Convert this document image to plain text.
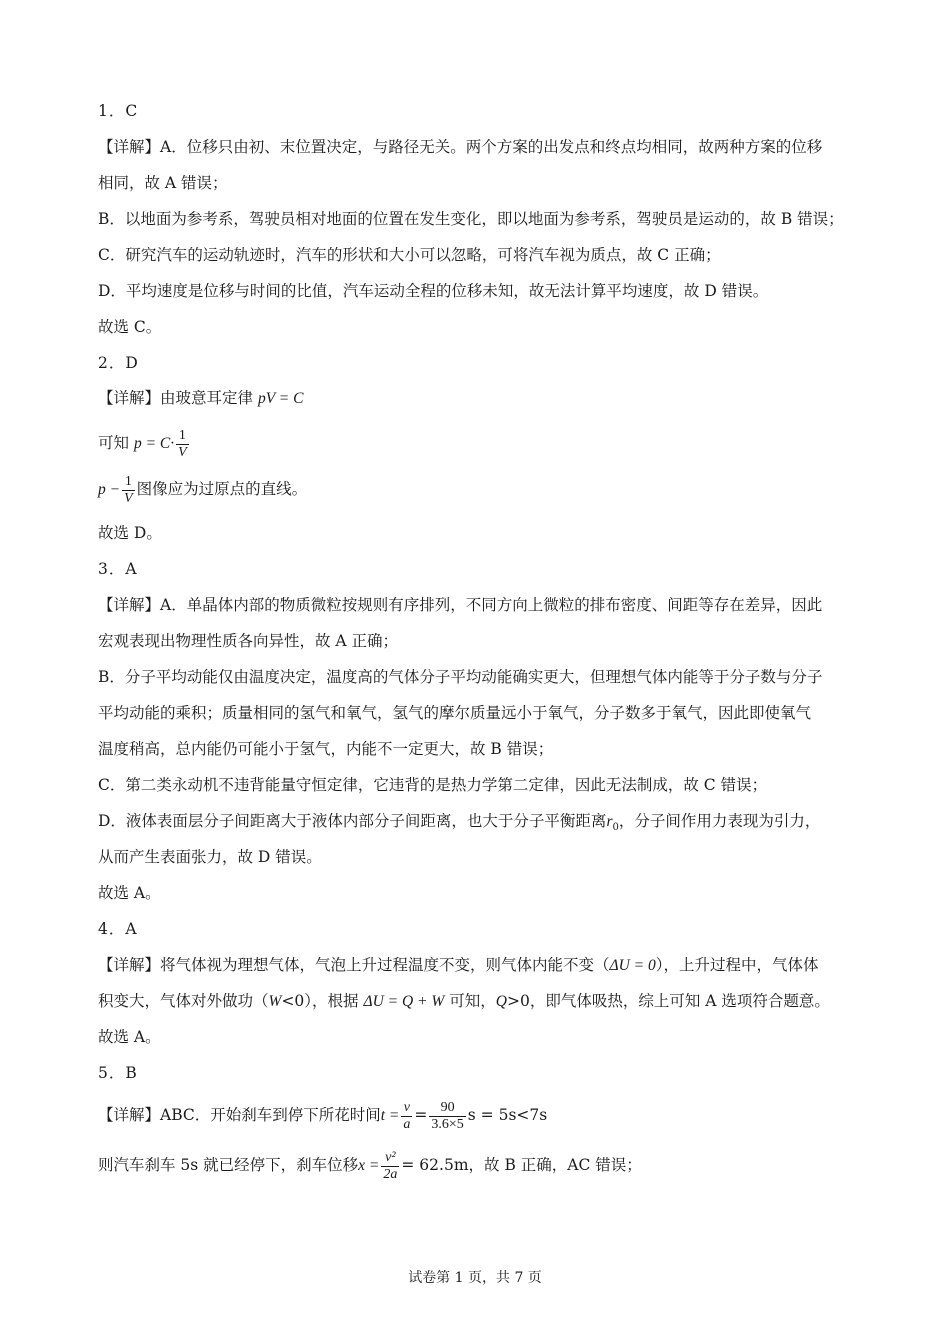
1．C
【详解】A．位移只由初、末位置决定，与路径无关。两个方案的出发点和终点均相同，故两种方案的位移
相同，故 A 错误；
B．以地面为参考系，驾驶员相对地面的位置在发生变化，即以地面为参考系，驾驶员是运动的，故 B 错误；
C．研究汽车的运动轨迹时，汽车的形状和大小可以忽略，可将汽车视为质点，故 C 正确；
D．平均速度是位移与时间的比值，汽车运动全程的位移未知，故无法计算平均速度，故 D 错误。
故选 C。
2．D
【详解】由玻意耳定律 pV = C
可知 $p = C\cdot \frac{1}{V}$
$p - \frac{1}{V}$ 图像应为过原点的直线。
故选 D。
3．A
【详解】A．单晶体内部的物质微粒按规则有序排列，不同方向上微粒的排布密度、间距等存在差异，因此
宏观表现出物理性质各向异性，故 A 正确；
B．分子平均动能仅由温度决定，温度高的气体分子平均动能确实更大，但理想气体内能等于分子数与分子
平均动能的乘积；质量相同的氢气和氧气，氢气的摩尔质量远小于氧气，分子数多于氧气，因此即使氧气
温度稍高，总内能仍可能小于氢气，内能不一定更大，故 B 错误；
C．第二类永动机不违背能量守恒定律，它违背的是热力学第二定律，因此无法制成，故 C 错误；
D．液体表面层分子间距离大于液体内部分子间距离，也大于分子平衡距离$r_0$，分子间作用力表现为引力，
从而产生表面张力，故 D 错误。
故选 A。
4．A
【详解】将气体视为理想气体，气泡上升过程温度不变，则气体内能不变（ΔU = 0），上升过程中，气体体
积变大，气体对外做功（W<0），根据 ΔU = Q + W 可知，Q>0，即气体吸热，综上可知 A 选项符合题意。
故选 A。
5．B
【详解】ABC．开始刹车到停下所花时间$t = \frac{v}{a} = \frac{90}{3.6\times 5}$ s = 5s<7s
则汽车刹车 5s 就已经停下，刹车位移$x = \frac{\text{v²}}{2a} = 62.5m$，故 B 正确，AC 错误；
试卷第 1 页，共 7 页
